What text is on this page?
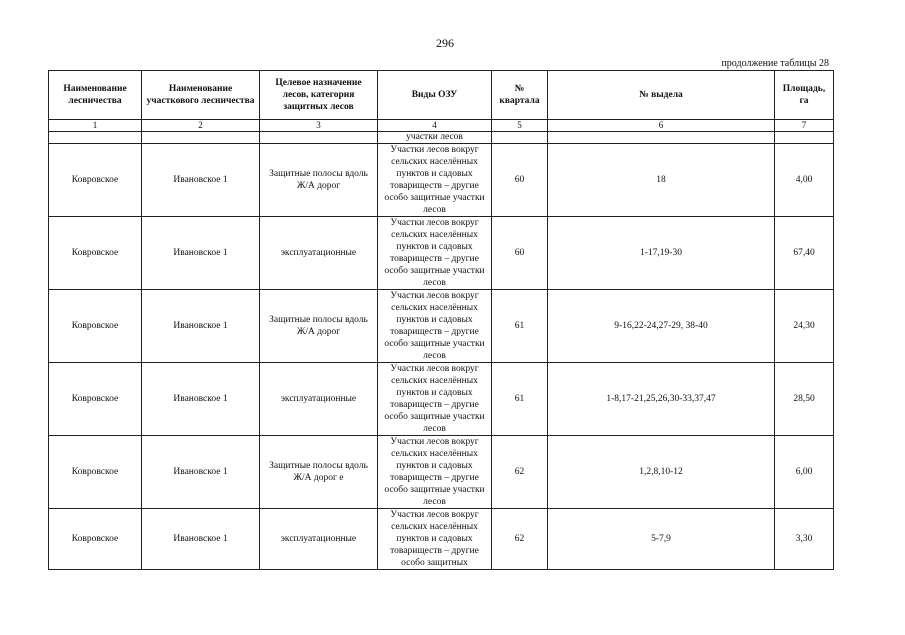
296
продолжение таблицы 28
Наименование лесничества	Наименование участкового лесничества	Целевое назначение лесов, категория защитных лесов	Виды ОЗУ	№ квартала	№ выдела	Площадь, га
1	2	3	4	5	6	7
			участки лесов			
Ковровское	Ивановское 1	Защитные полосы вдоль Ж/А дорог	Участки лесов вокруг сельских населённых пунктов и садовых товариществ – другие особо защитные участки лесов	60	18	4,00
Ковровское	Ивановское 1	эксплуатационные	Участки лесов вокруг сельских населённых пунктов и садовых товариществ – другие особо защитные участки лесов	60	1-17,19-30	67,40
Ковровское	Ивановское 1	Защитные полосы вдоль Ж/А дорог	Участки лесов вокруг сельских населённых пунктов и садовых товариществ – другие особо защитные участки лесов	61	9-16,22-24,27-29, 38-40	24,30
Ковровское	Ивановское 1	эксплуатационные	Участки лесов вокруг сельских населённых пунктов и садовых товариществ – другие особо защитные участки лесов	61	1-8,17-21,25,26,30-33,37,47	28,50
Ковровское	Ивановское 1	Защитные полосы вдоль Ж/А дорог е	Участки лесов вокруг сельских населённых пунктов и садовых товариществ – другие особо защитные участки лесов	62	1,2,8,10-12	6,00
Ковровское	Ивановское 1	эксплуатационные	Участки лесов вокруг сельских населённых пунктов и садовых товариществ – другие особо защитных	62	5-7,9	3,30
